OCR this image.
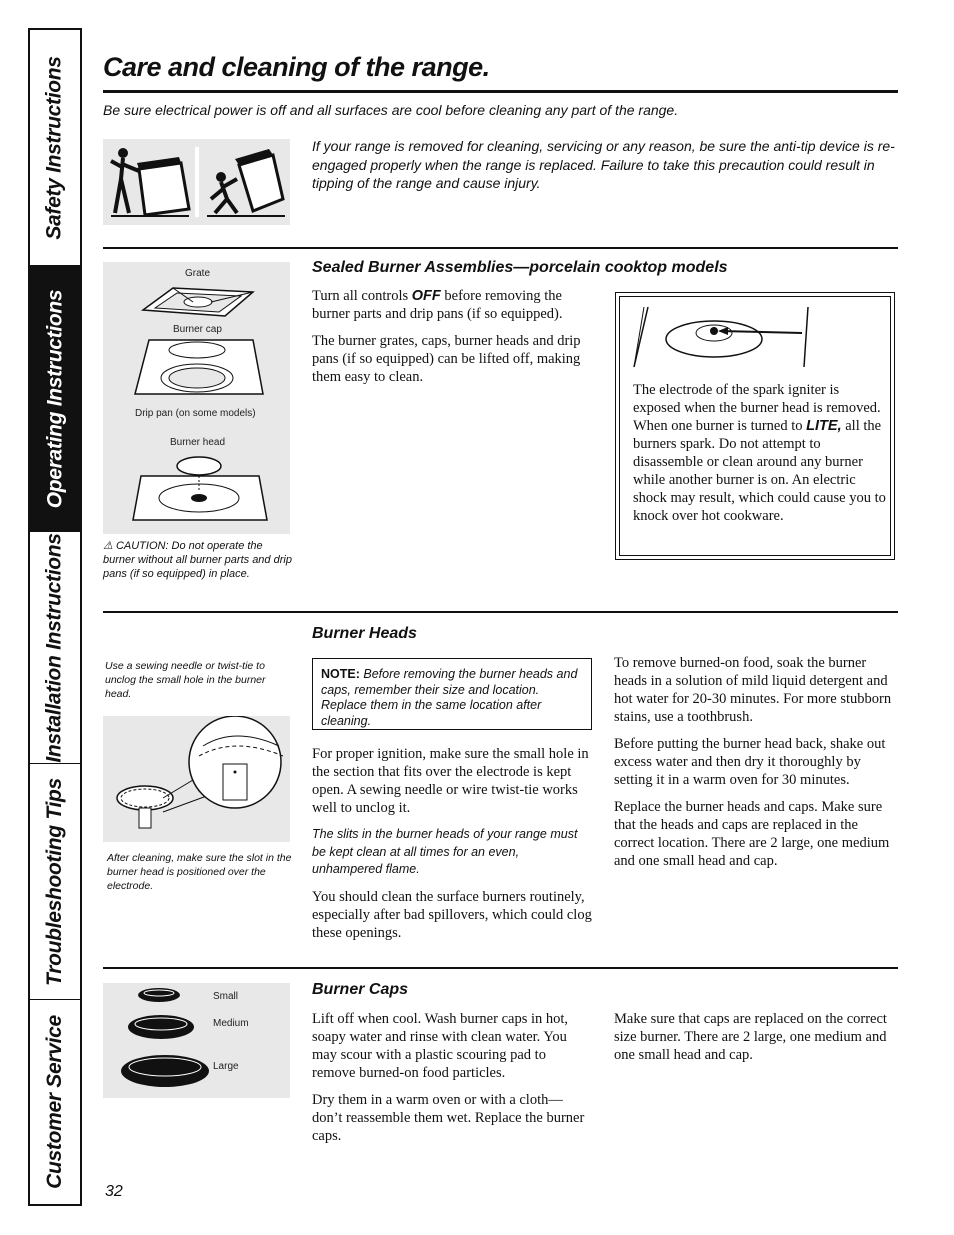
Safety Instructions
Operating Instructions
Installation Instructions
Troubleshooting Tips
Customer Service
Care and cleaning of the range.
Be sure electrical power is off and all surfaces are cool before cleaning any part of the range.
If your range is removed for cleaning, servicing or any reason, be sure the anti-tip device is re-engaged properly when the range is replaced. Failure to take this precaution could result in tipping of the range and cause injury.
Grate
Burner cap
Drip pan (on some models)
Burner head
⚠ CAUTION: Do not operate the burner without all burner parts and drip pans (if so equipped) in place.
Sealed Burner Assemblies—porcelain cooktop models

Turn all controls OFF before removing the burner parts and drip pans (if so equipped).

The burner grates, caps, burner heads and drip pans (if so equipped) can be lifted off, making them easy to clean.

The electrode of the spark igniter is exposed when the burner head is removed. When one burner is turned to LITE, all the burners spark. Do not attempt to disassemble or clean around any burner while another burner is on. An electric shock may result, which could cause you to knock over hot cookware.
Burner Heads
Use a sewing needle or twist-tie to unclog the small hole in the burner head.
After cleaning, make sure the slot in the burner head is positioned over the electrode.
NOTE: Before removing the burner heads and caps, remember their size and location. Replace them in the same location after cleaning.

For proper ignition, make sure the small hole in the section that fits over the electrode is kept open. A sewing needle or wire twist-tie works well to unclog it.

The slits in the burner heads of your range must be kept clean at all times for an even, unhampered flame.

You should clean the surface burners routinely, especially after bad spillovers, which could clog these openings.

To remove burned-on food, soak the burner heads in a solution of mild liquid detergent and hot water for 20-30 minutes. For more stubborn stains, use a toothbrush.

Before putting the burner head back, shake out excess water and then dry it thoroughly by setting it in a warm oven for 30 minutes.

Replace the burner heads and caps. Make sure that the heads and caps are replaced in the correct location. There are 2 large, one medium and one small head and cap.

Small
Medium
Large
Burner Caps

Lift off when cool. Wash burner caps in hot, soapy water and rinse with clean water. You may scour with a plastic scouring pad to remove burned-on food particles.

Dry them in a warm oven or with a cloth—don’t reassemble them wet. Replace the burner caps.

Make sure that caps are replaced on the correct size burner. There are 2 large, one medium and one small head and cap.

32
